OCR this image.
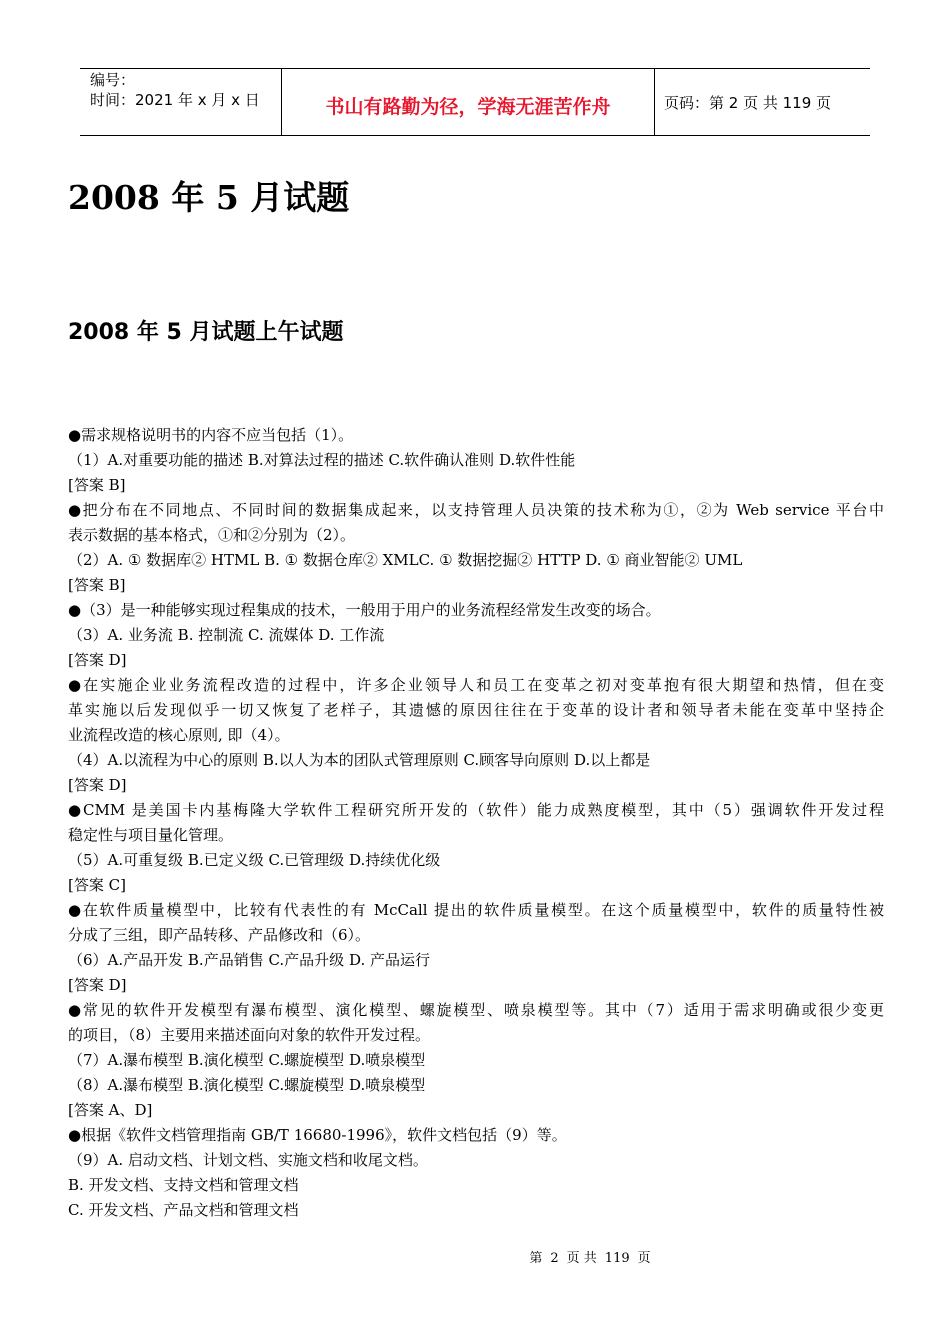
编号：
时间：2021 年 x 月 x 日	书山有路勤为径，学海无涯苦作舟	页码：第 2 页 共 119 页
2008 年 5 月试题
2008 年 5 月试题上午试题
●需求规格说明书的内容不应当包括（1）。
（1）A.对重要功能的描述 B.对算法过程的描述 C.软件确认准则 D.软件性能
[答案 B]
●把分布在不同地点、不同时间的数据集成起来，以支持管理人员决策的技术称为①，②为 Web service 平台中
表示数据的基本格式，①和②分别为（2）。
（2）A. ① 数据库② HTML B. ① 数据仓库② XMLC. ① 数据挖掘② HTTP D. ① 商业智能② UML
[答案 B]
●（3）是一种能够实现过程集成的技术，一般用于用户的业务流程经常发生改变的场合。
（3）A. 业务流 B. 控制流 C. 流媒体 D. 工作流
[答案 D]
●在实施企业业务流程改造的过程中，许多企业领导人和员工在变革之初对变革抱有很大期望和热情，但在变
革实施以后发现似乎一切又恢复了老样子，其遗憾的原因往往在于变革的设计者和领导者未能在变革中坚持企
业流程改造的核心原则, 即（4）。
（4）A.以流程为中心的原则 B.以人为本的团队式管理原则 C.顾客导向原则 D.以上都是
[答案 D]
●CMM 是美国卡内基梅隆大学软件工程研究所开发的（软件）能力成熟度模型，其中（5）强调软件开发过程
稳定性与项目量化管理。
（5）A.可重复级 B.已定义级 C.已管理级 D.持续优化级
[答案 C]
●在软件质量模型中，比较有代表性的有 McCall 提出的软件质量模型。在这个质量模型中，软件的质量特性被
分成了三组，即产品转移、产品修改和（6）。
（6）A.产品开发 B.产品销售 C.产品升级 D. 产品运行
[答案 D]
●常见的软件开发模型有瀑布模型、演化模型、螺旋模型、喷泉模型等。其中（7）适用于需求明确或很少变更
的项目，（8）主要用来描述面向对象的软件开发过程。
（7）A.瀑布模型 B.演化模型 C.螺旋模型 D.喷泉模型
（8）A.瀑布模型 B.演化模型 C.螺旋模型 D.喷泉模型
[答案 A、D]
●根据《软件文档管理指南 GB/T 16680-1996》，软件文档包括（9）等。
（9）A. 启动文档、计划文档、实施文档和收尾文档。
B. 开发文档、支持文档和管理文档
C. 开发文档、产品文档和管理文档
第 2 页 共 119 页
